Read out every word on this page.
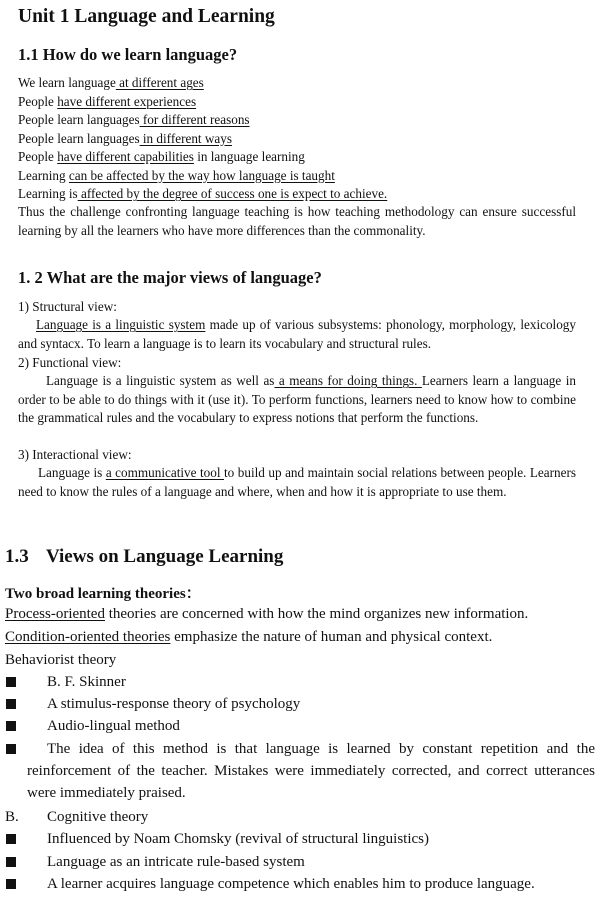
Unit 1 Language and Learning
1.1 How do we learn language?
We learn language at different ages
People have different experiences
People learn languages for different reasons
People learn languages in different ways
People have different capabilities in language learning
Learning can be affected by the way how language is taught
Learning is affected by the degree of success one is expect to achieve.
Thus the challenge confronting language teaching is how teaching methodology can ensure successful learning by all the learners who have more differences than the commonality.
1. 2 What are the major views of language?
1) Structural view:
Language is a linguistic system made up of various subsystems: phonology, morphology, lexicology and syntacx. To learn a language is to learn its vocabulary and structural rules.
2) Functional view:
Language is a linguistic system as well as a means for doing things. Learners learn a language in order to be able to do things with it (use it). To perform functions, learners need to know how to combine the grammatical rules and the vocabulary to express notions that perform the functions.
3) Interactional view:
Language is a communicative tool to build up and maintain social relations between people. Learners need to know the rules of a language and where, when and how it is appropriate to use them.
1.3 Views on Language Learning
Two broad learning theories：
Process-oriented theories are concerned with how the mind organizes new information.
Condition-oriented theories emphasize the nature of human and physical context.
Behaviorist theory
B. F. Skinner
A stimulus-response theory of psychology
Audio-lingual method
The idea of this method is that language is learned by constant repetition and the reinforcement of the teacher. Mistakes were immediately corrected, and correct utterances were immediately praised.
B. Cognitive theory
Influenced by Noam Chomsky (revival of structural linguistics)
Language as an intricate rule-based system
A learner acquires language competence which enables him to produce language.
